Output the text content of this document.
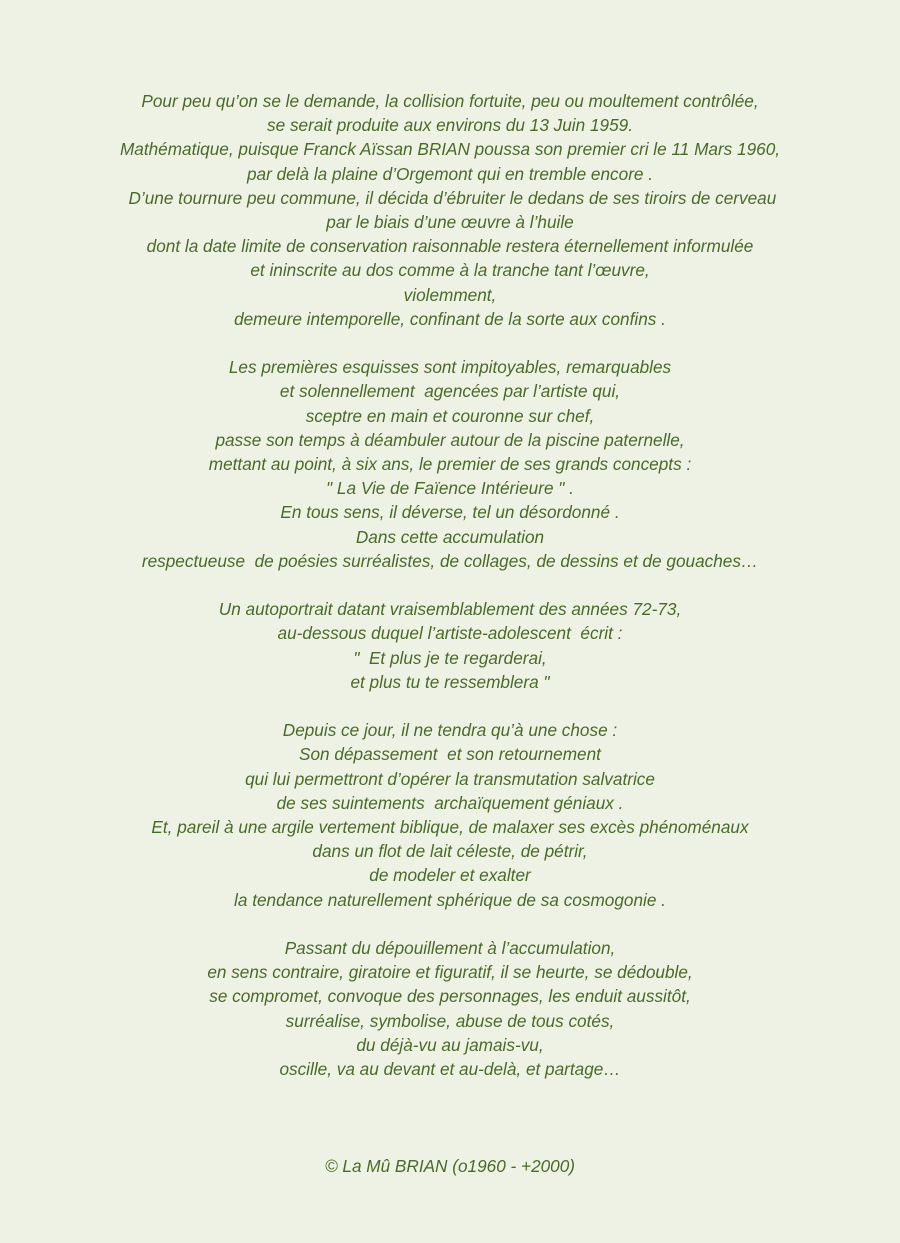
Pour peu qu’on se le demande, la collision fortuite, peu ou moultement contrôlée,
se serait produite aux environs du 13 Juin 1959.
Mathématique, puisque Franck Aïssan BRIAN poussa son premier cri le 11 Mars 1960,
par delà la plaine d’Orgemont qui en tremble encore .
D’une tournure peu commune, il décida d’ébruiter le dedans de ses tiroirs de cerveau
par le biais d’une œuvre à l’huile
dont la date limite de conservation raisonnable restera éternellement informulée
et ininscrite au dos comme à la tranche tant l’œuvre,
violemment,
demeure intemporelle, confinant de la sorte aux confins .
Les premières esquisses sont impitoyables, remarquables
et solennellement  agencées par l’artiste qui,
sceptre en main et couronne sur chef,
passe son temps à déambuler autour de la piscine paternelle,
mettant au point, à six ans, le premier de ses grands concepts :
" La Vie de Faïence Intérieure " .
En tous sens, il déverse, tel un désordonné .
Dans cette accumulation
respectueuse  de poésies surréalistes, de collages, de dessins et de gouaches…
Un autoportrait datant vraisemblablement des années 72-73,
au-dessous duquel l’artiste-adolescent  écrit :
"  Et plus je te regarderai,
et plus tu te ressemblera "
Depuis ce jour, il ne tendra qu’à une chose :
Son dépassement  et son retournement
qui lui permettront d’opérer la transmutation salvatrice
de ses suintements  archaïquement géniaux .
Et, pareil à une argile vertement biblique, de malaxer ses excès phénoménaux
dans un flot de lait céleste, de pétrir,
de modeler et exalter
la tendance naturellement sphérique de sa cosmogonie .
Passant du dépouillement à l’accumulation,
en sens contraire, giratoire et figuratif, il se heurte, se dédouble,
se compromet, convoque des personnages, les enduit aussitôt,
surréalise, symbolise, abuse de tous cotés,
du déjà-vu au jamais-vu,
oscille, va au devant et au-delà, et partage…
© La Mû BRIAN (o1960 - +2000)
